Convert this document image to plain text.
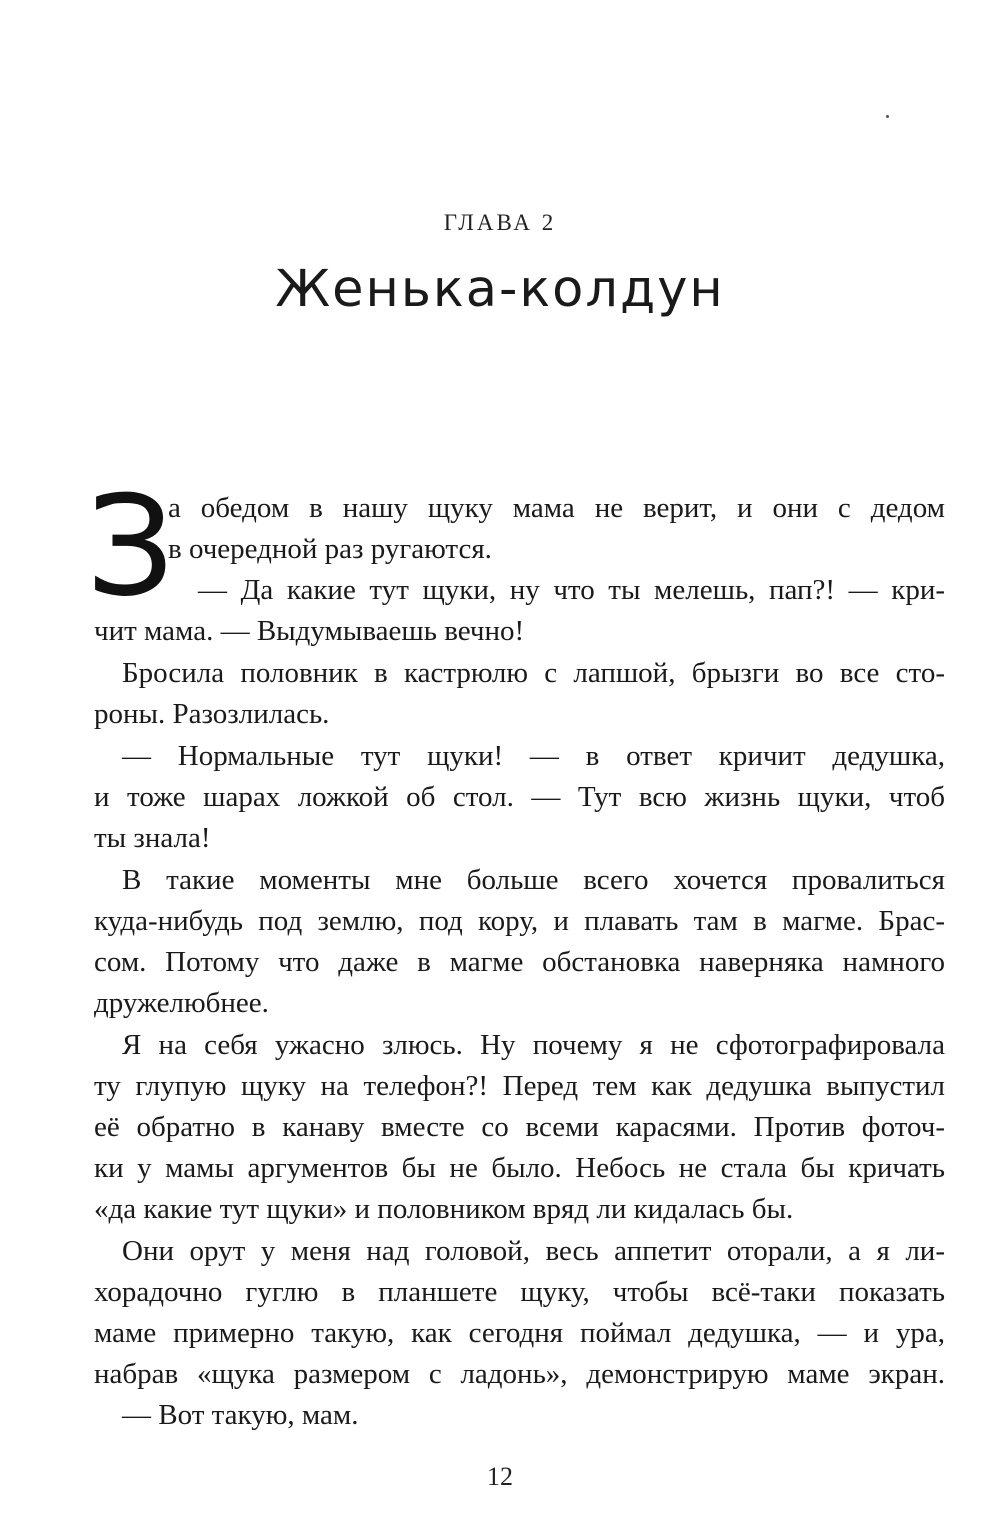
ГЛАВА 2
Женька-колдун
З
а обедом в нашу щуку мама не верит, и они с дедом
в очередной раз ругаются.
— Да какие тут щуки, ну что ты мелешь, пап?! — кри-
чит мама. — Выдумываешь вечно!
Бросила половник в кастрюлю с лапшой, брызги во все сто-
роны. Разозлилась.
— Нормальные тут щуки! — в ответ кричит дедушка,
и тоже шарах ложкой об стол. — Тут всю жизнь щуки, чтоб
ты знала!
В такие моменты мне больше всего хочется провалиться
куда-нибудь под землю, под кору, и плавать там в магме. Брас-
сом. Потому что даже в магме обстановка наверняка намного
дружелюбнее.
Я на себя ужасно злюсь. Ну почему я не сфотографировала
ту глупую щуку на телефон?! Перед тем как дедушка выпустил
её обратно в канаву вместе со всеми карасями. Против фоточ-
ки у мамы аргументов бы не было. Небось не стала бы кричать
«да какие тут щуки» и половником вряд ли кидалась бы.
Они орут у меня над головой, весь аппетит оторали, а я ли-
хорадочно гуглю в планшете щуку, чтобы всё-таки показать
маме примерно такую, как сегодня поймал дедушка, — и ура,
набрав «щука размером с ладонь», демонстрирую маме экран.
— Вот такую, мам.
12
